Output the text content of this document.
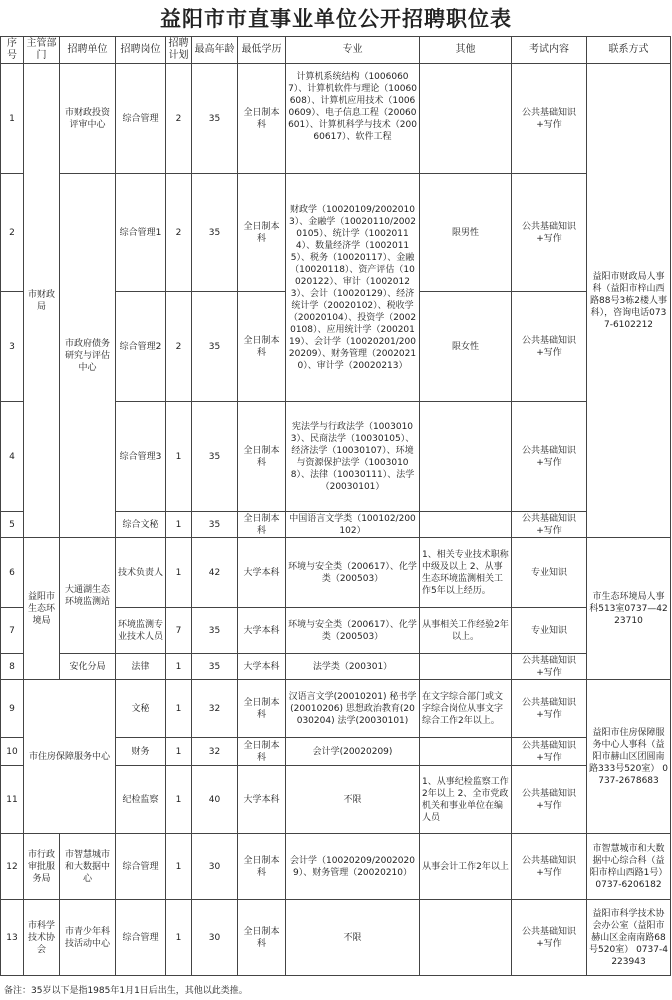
益阳市市直事业单位公开招聘职位表
序号	主管部门	招聘单位	招聘岗位	招聘计划	最高年龄	最低学历	专业	其他	考试内容	联系方式
1	市财政局	市财政投资评审中心	综合管理	2	35	全日制本科	计算机系统结构（10060607）、计算机软件与理论（10060608）、计算机应用技术（10060609）、电子信息工程（20060601）、计算机科学与技术（20060617）、软件工程		公共基础知识+写作	益阳市财政局人事科（益阳市梓山西路88号3栋2楼人事科），咨询电话0737-6102212
2		市政府债务研究与评估中心	综合管理1	2	35	全日制本科	财政学（10020109/20020103）、金融学（10020110/20020105）、统计学（10020114）、数量经济学（10020115）、税务（10020117）、金融（10020118）、资产评估（10020122）、审计（10020123）、会计（10020129）、经济统计学（20020102）、税收学（20020104）、投资学（20020108）、应用统计学（20020119）、会计学（10020201/20020209）、财务管理（20020210）、审计学（20020213）	限男性	公共基础知识+写作	
3			综合管理2	2	35	全日制本科		限女性	公共基础知识+写作	
4			综合管理3	1	35	全日制本科	宪法学与行政法学（10030103）、民商法学（10030105）、经济法学（10030107）、环境与资源保护法学（10030108）、法律（10030111）、法学（20030101）		公共基础知识+写作	
5			综合文秘	1	35	全日制本科	中国语言文学类（100102/200102）		公共基础知识+写作	
6	益阳市生态环境局	大通湖生态环境监测站	技术负责人	1	42	大学本科	环境与安全类（200617）、化学类（200503）	1、相关专业技术职称中级及以上 2、从事生态环境监测相关工作5年以上经历。	专业知识	市生态环境局人事科513室0737—4223710
7			环境监测专业技术人员	7	35	大学本科	环境与安全类（200617）、化学类（200503）	从事相关工作经验2年以上。	专业知识	
8		安化分局	法律	1	35	大学本科	法学类（200301）		公共基础知识+写作	
9	市住房保障服务中心		文秘	1	32	全日制本科	汉语言文学(20010201) 秘书学(20010206) 思想政治教育(20030204) 法学(20030101)	在文字综合部门或文字综合岗位从事文字综合工作2年以上。	公共基础知识+写作	益阳市住房保障服务中心人事科（益阳市赫山区团圆南路333号520室） 0737-2678683
10			财务	1	32	全日制本科	会计学(20020209)		公共基础知识+写作	
11			纪检监察	1	40	大学本科	不限	1、从事纪检监察工作2年以上 2、全市党政机关和事业单位在编人员	公共基础知识+写作	
12	市行政审批服务局	市智慧城市和大数据中心	综合管理	1	30	全日制本科	会计学（10020209/20020209）、财务管理（20020210）	从事会计工作2年以上	公共基础知识+写作	市智慧城市和大数据中心综合科（益阳市梓山西路1号）0737-6206182
13	市科学技术协会	市青少年科技活动中心	综合管理	1	30	全日制本科	不限		公共基础知识+写作	益阳市科学技术协会办公室（益阳市赫山区金南南路68号520室） 0737-4223943
备注：35岁以下是指1985年1月1日后出生，其他以此类推。
